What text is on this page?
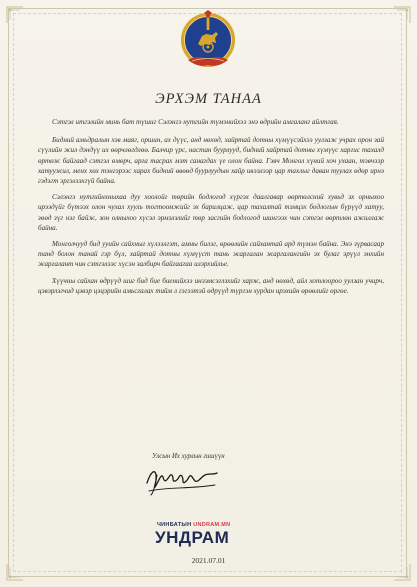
ЭРХЭМ ТАНАА

Сэтгэл итгэлийн минь бат түшиг Сэлэнгэ нутгийн түмэнийхээ энэ өдрийн амгаланг айлтгая.

Бидний амьдралын хэв маяг, оршин, ах дүүс, анд нөхөд, хайртай дотны хүмүүсэйхээ уулзаж учрах орон зай сүүлийн жил дэндүү их өөрчлөгдлөө. Балчир үрс, настан буурлууд, бидний хайртай дотны хүмүүс харгис тахалд өртөж байгаад сэтгэл өмөрч, арга тасрах мэт санагдах үе олон байна. Гэвч Монгол хүний хоч ухаан, тэвчээр хатуужил, менх хөх тэнгэрээс харах бидний өвөөд буурлуудын хайр ивээлээр цар тахлыг даван туулах өдөр ирнэ гэдэгт эргэлзэхгүй байна.

Сэлэнгэ нутгийнхныхаа дуу хоолойг төрийн бодлогод хүргэх даалгавар өөртөлсний хувьд эх орныхоо ирээдүйг бүтээх олон чухал хууль тогтоомжийг эх барилцаж, цар тахалтай тэмцэх бодлогын бүрүүд хатуу, зөөд зүг нэг байж, зон олныхоо хүсэл эрмэлзлийг төр засгийн бодлогод шингээх чин сэтгэл өөртлөн ажиллаж байна.

Монголчууд бид ууийн сайхныг хүлээлгэт, амны билэг, өрөөлийн сайхантай ард түмэн байна. Энэ зүрвасаар танд болон танай гэр бүл, хайртай дотны хүмүүст тань жаргалан жаргалангийн эх булаг эрүүл энхийн жаргалант чин сэтгэлээс хүсэн залбирч байгаагаа илэрхийлье.

Хүүчны сайхан өдрүүд шиг бид бие биенийхээ инээмсэглэхийг харж, анд нөхөд, айл хотлоороо уулзан учирч, цэвэрлэгчид цэвэр цэцэрийн амьсгалах тийм л гэгээтэй өдрүүд түргэн хурдан ирэхийн өрөөлийг өргөе.

Улсын Их хурлын гишүүн
ЧИНБАТЫН UNDRAM.MN
УНДРАМ
2021.07.01
